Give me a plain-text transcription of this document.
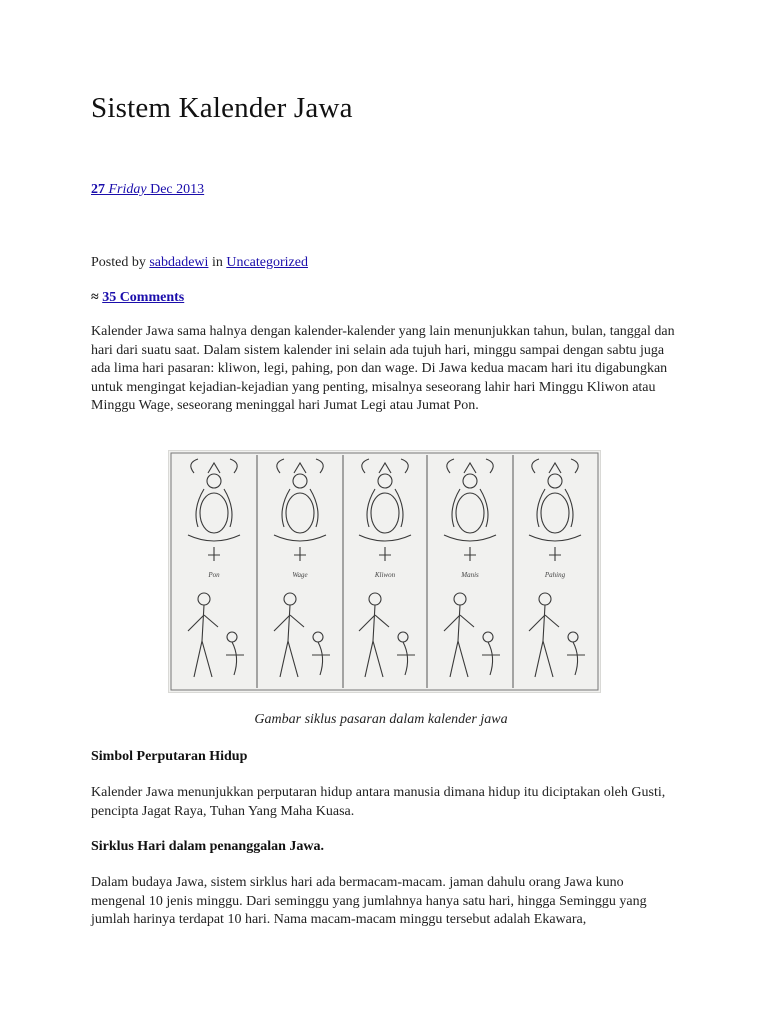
Sistem Kalender Jawa
27 Friday Dec 2013
Posted by sabdadewi in Uncategorized
≈ 35 Comments

Kalender Jawa sama halnya dengan kalender-kalender yang lain menunjukkan tahun, bulan, tanggal dan hari dari suatu saat. Dalam sistem kalender ini selain ada tujuh hari, minggu sampai dengan sabtu juga ada lima hari pasaran: kliwon, legi, pahing, pon dan wage. Di Jawa kedua macam hari itu digabungkan untuk mengingat kejadian-kejadian yang penting, misalnya seseorang lahir hari Minggu Kliwon atau Minggu Wage, seseorang meninggal hari Jumat Legi atau Jumat Pon.

Pon	Wage	Kliwon	Manis	Pahing
Gambar siklus pasaran dalam kalender jawa
Simbol Perputaran Hidup

Kalender Jawa menunjukkan perputaran hidup antara manusia dimana hidup itu diciptakan oleh Gusti, pencipta Jagat Raya, Tuhan Yang Maha Kuasa.

Sirklus Hari dalam penanggalan Jawa.

Dalam budaya Jawa, sistem sirklus hari ada bermacam-macam. jaman dahulu orang Jawa kuno mengenal 10 jenis minggu. Dari seminggu yang jumlahnya hanya satu hari, hingga Seminggu yang jumlah harinya terdapat 10 hari. Nama macam-macam minggu tersebut adalah Ekawara,
